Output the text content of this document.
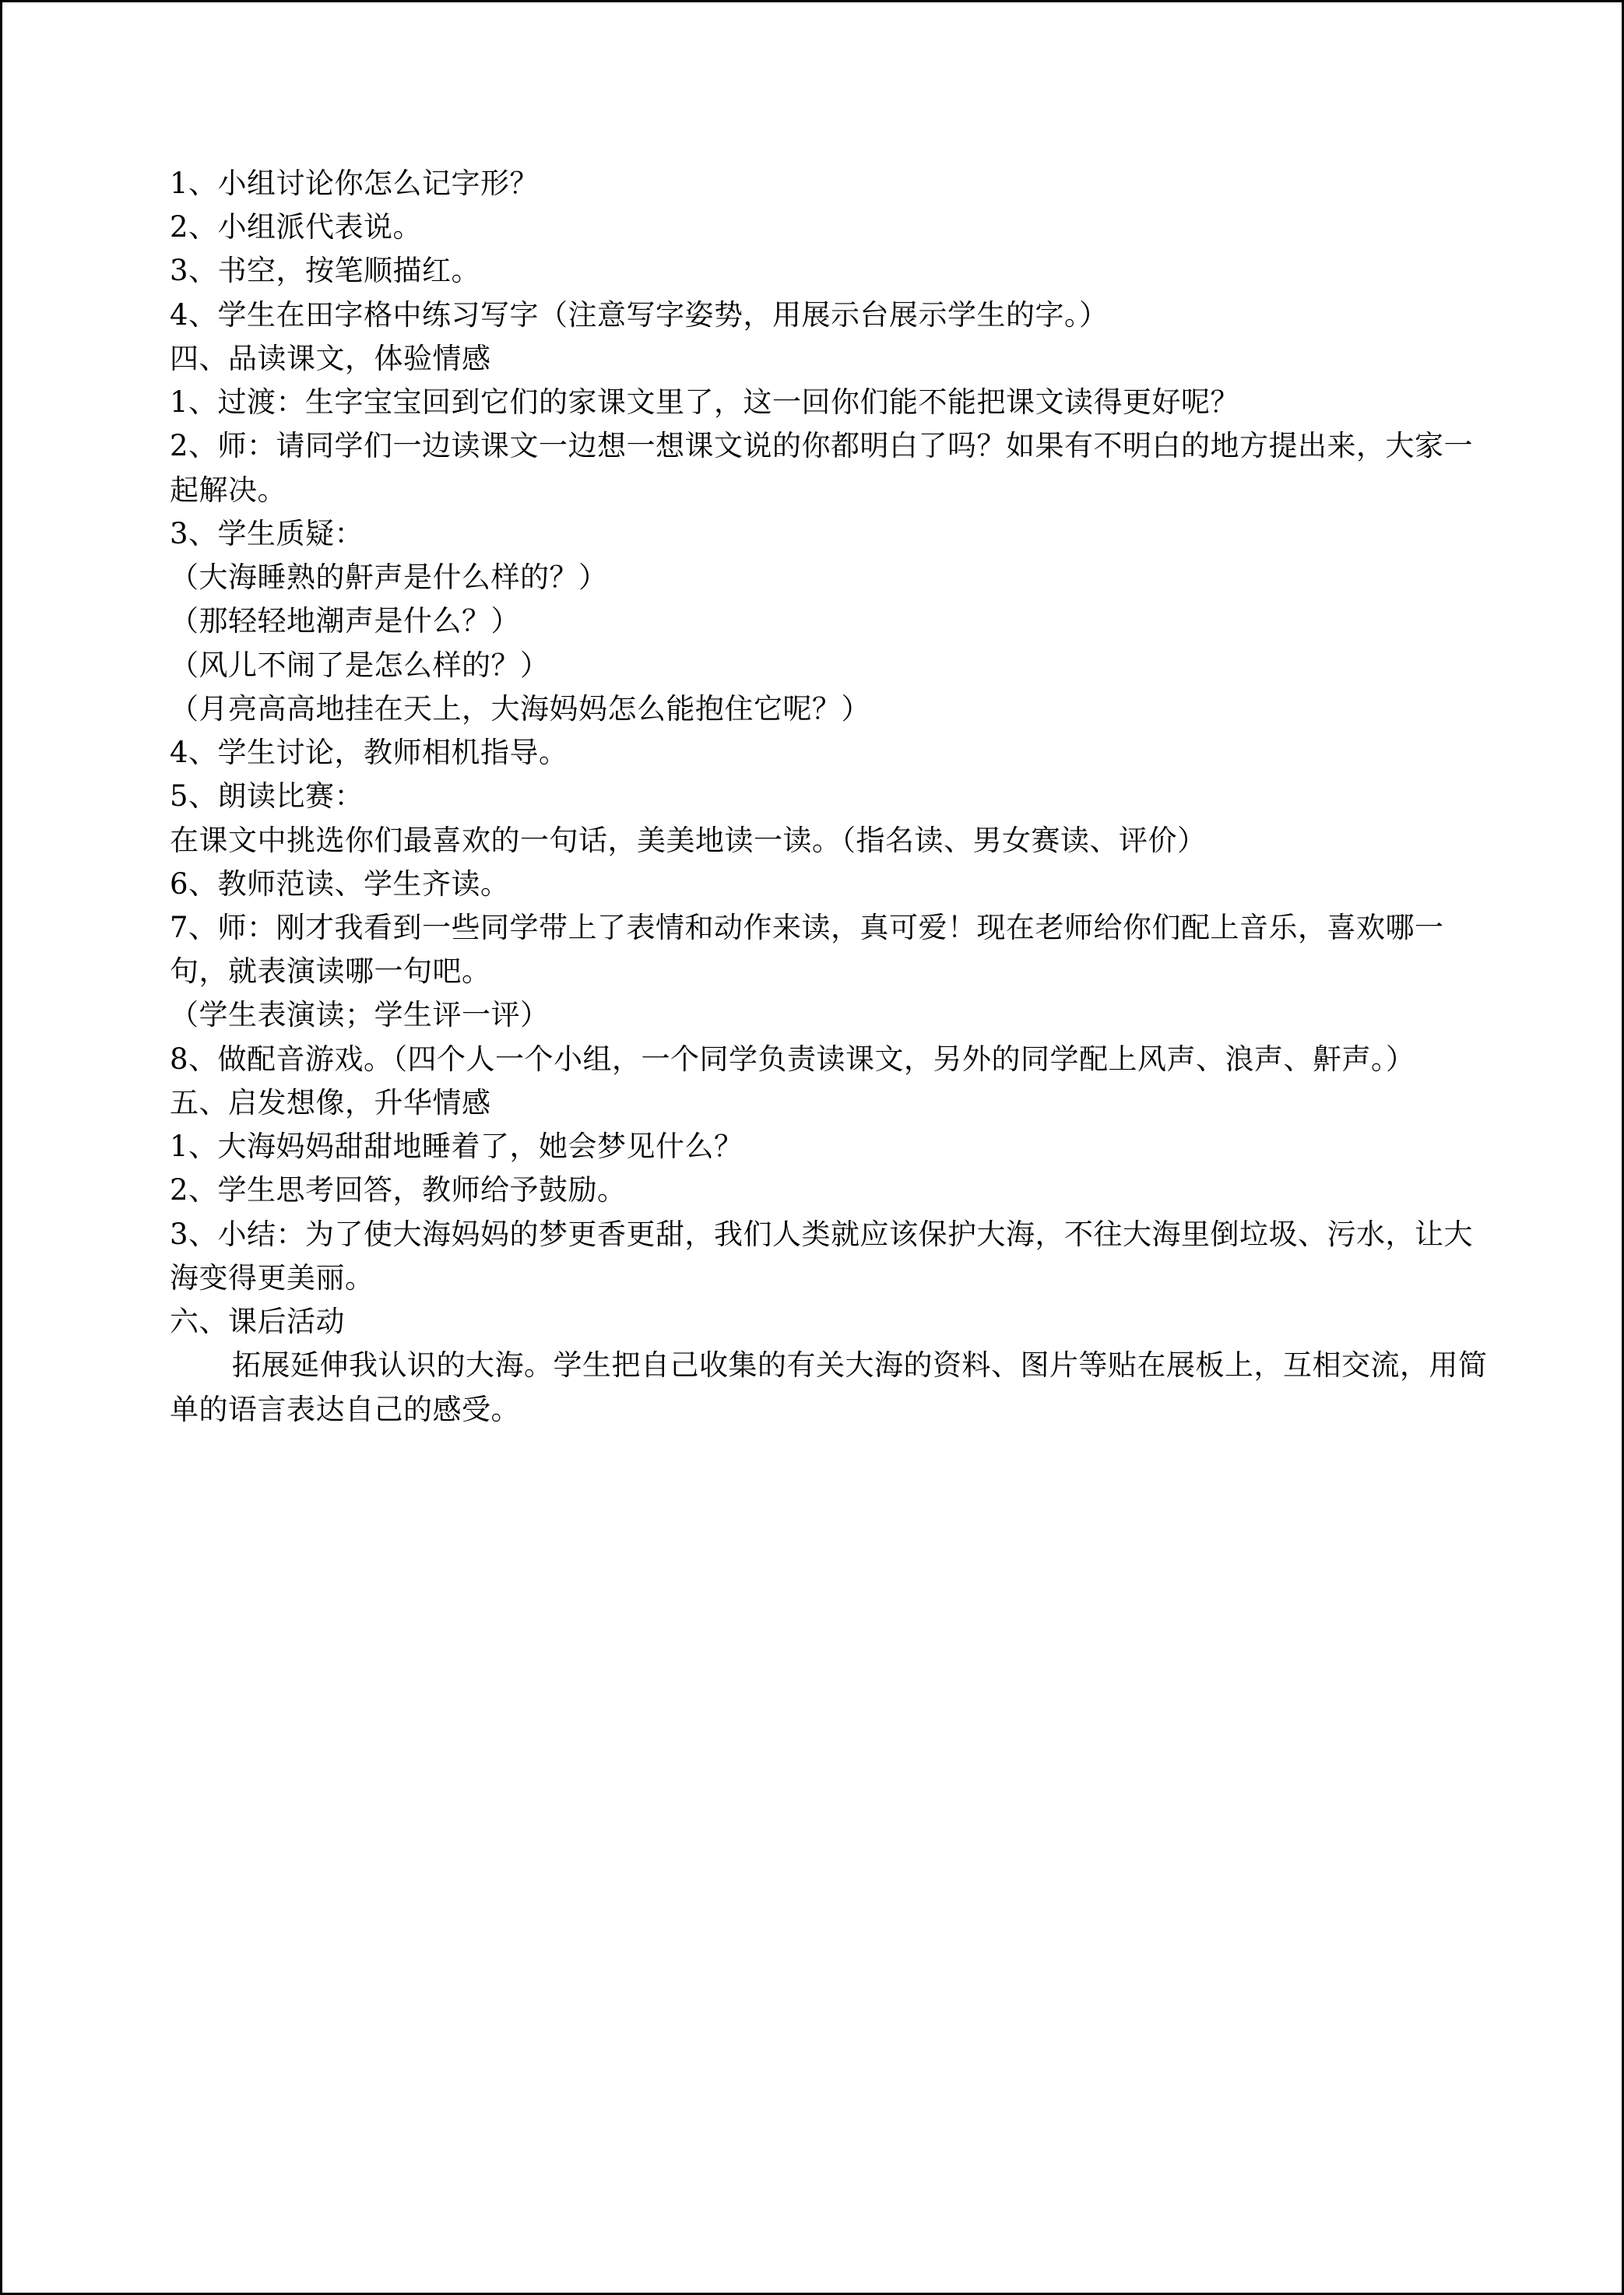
1、小组讨论你怎么记字形？
2、小组派代表说。
3、书空，按笔顺描红。
4、学生在田字格中练习写字（注意写字姿势，用展示台展示学生的字。）
四、品读课文，体验情感
1、过渡：生字宝宝回到它们的家课文里了，这一回你们能不能把课文读得更好呢？
2、师：请同学们一边读课文一边想一想课文说的你都明白了吗？如果有不明白的地方提出来，大家一起解决。
3、学生质疑：
（大海睡熟的鼾声是什么样的？）
（那轻轻地潮声是什么？）
（风儿不闹了是怎么样的？）
（月亮高高地挂在天上，大海妈妈怎么能抱住它呢？）
4、学生讨论，教师相机指导。
5、朗读比赛：
在课文中挑选你们最喜欢的一句话，美美地读一读。（指名读、男女赛读、评价）
6、教师范读、学生齐读。
7、师：刚才我看到一些同学带上了表情和动作来读，真可爱！现在老师给你们配上音乐，喜欢哪一句，就表演读哪一句吧。
（学生表演读；学生评一评）
8、做配音游戏。（四个人一个小组，一个同学负责读课文，另外的同学配上风声、浪声、鼾声。）
五、启发想像，升华情感
1、大海妈妈甜甜地睡着了，她会梦见什么？
2、学生思考回答，教师给予鼓励。
3、小结：为了使大海妈妈的梦更香更甜，我们人类就应该保护大海，不往大海里倒垃圾、污水，让大海变得更美丽。
六、课后活动
拓展延伸我认识的大海。学生把自己收集的有关大海的资料、图片等贴在展板上，互相交流，用简单的语言表达自己的感受。
